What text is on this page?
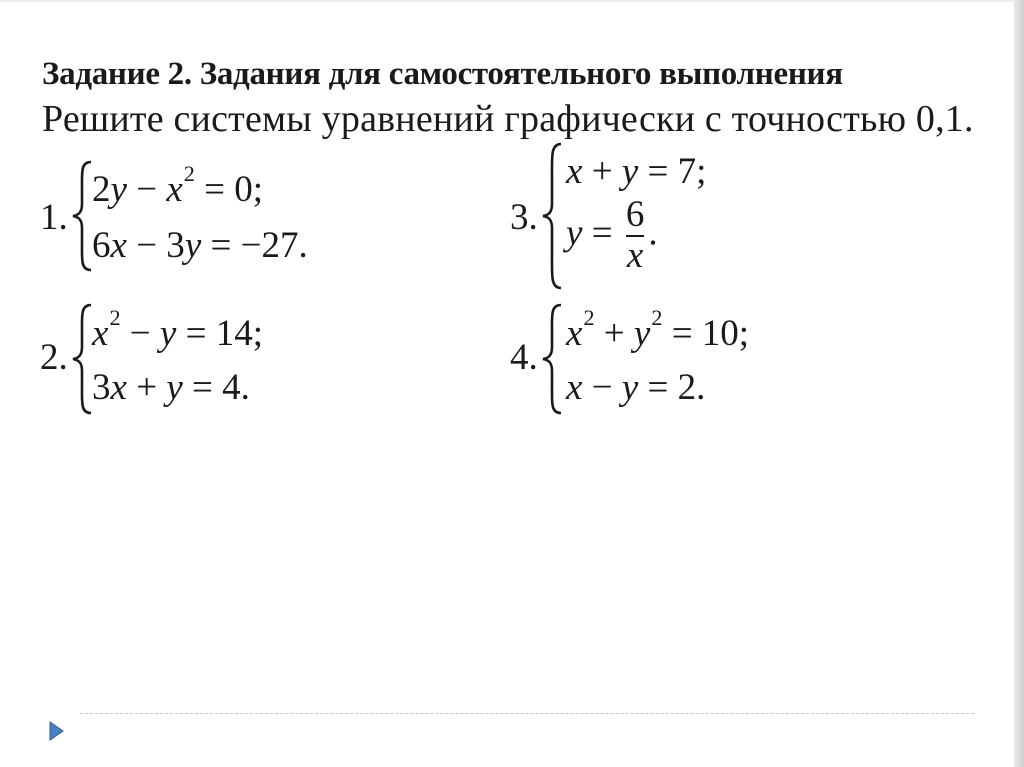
Задание 2. Задания для самостоятельного выполнения
Решите системы уравнений графически с точностью 0,1.
1.
$2y - x^2 = 0$;
6x − 3y = −27.
2.
$x^2 - y = 14$;
3x + y = 4.
3.
x + y = 7;
$y = \frac{6}{x}$ .
4.
$x^2 + y^2 = 10$;
x − y = 2.
